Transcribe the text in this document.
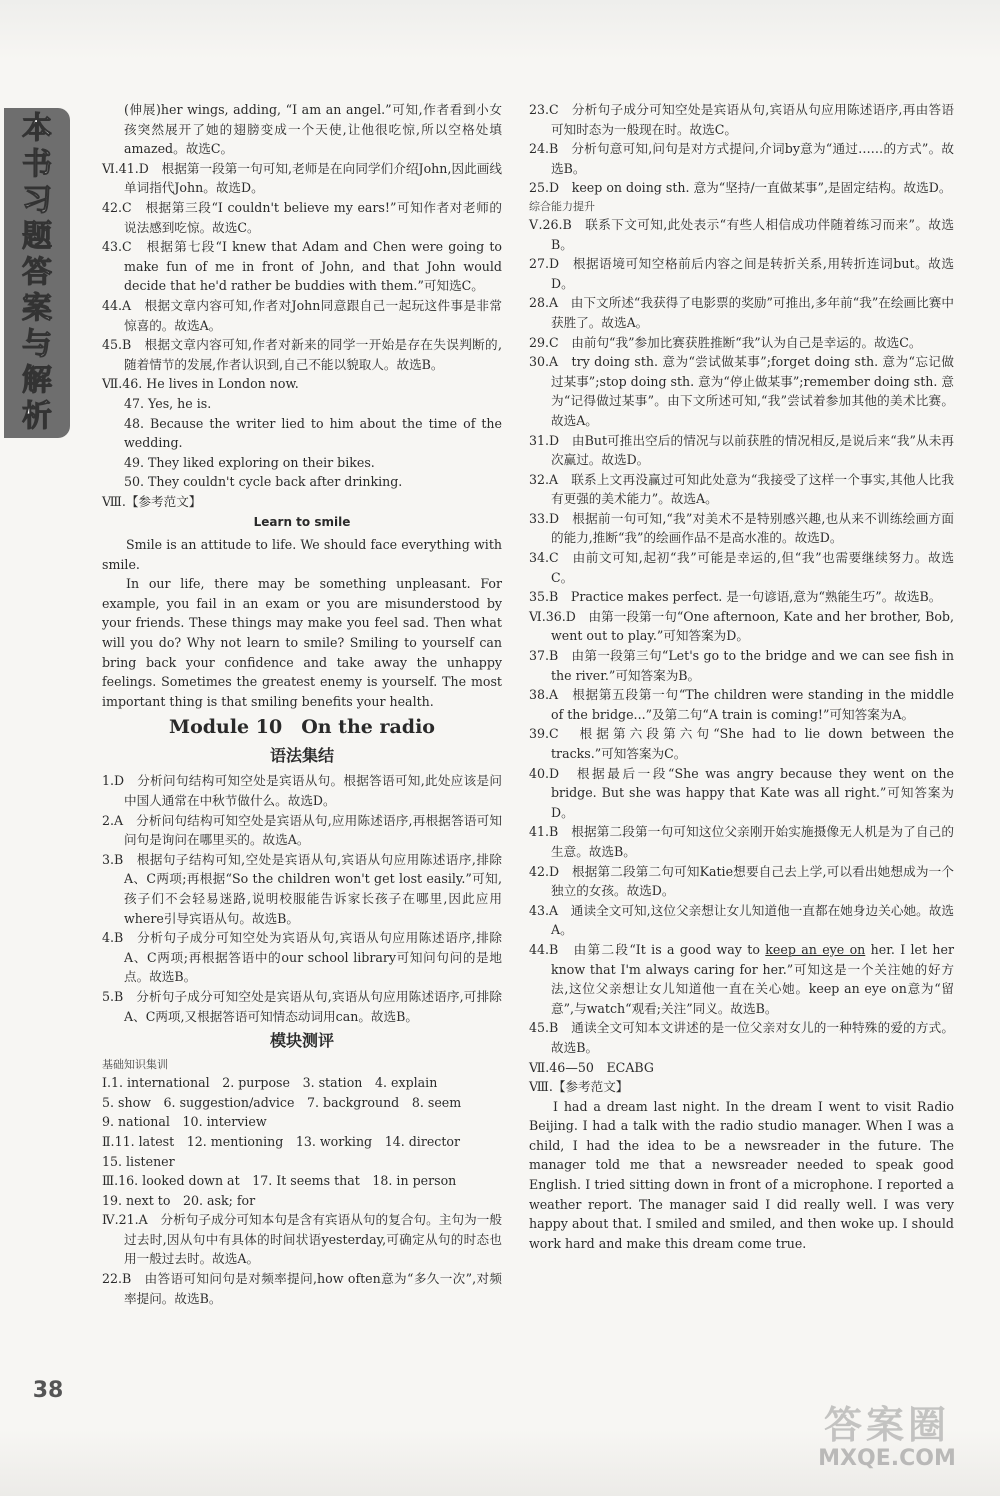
本
书
习
题
答
案
与
解
析
38

(伸展)her wings, adding, “I am an angel.”可知,作者看到小女孩突然展开了她的翅膀变成一个天使,让他很吃惊,所以空格处填amazed。故选C。

Ⅵ.41.D　根据第一段第一句可知,老师是在向同学们介绍John,因此画线单词指代John。故选D。

42.C　根据第三段“I couldn't believe my ears!”可知作者对老师的说法感到吃惊。故选C。

43.C　根据第七段“I knew that Adam and Chen were going to make fun of me in front of John, and that John would decide that he'd rather be buddies with them.”可知选C。

44.A　根据文章内容可知,作者对John同意跟自己一起玩这件事是非常惊喜的。故选A。

45.B　根据文章内容可知,作者对新来的同学一开始是存在失误判断的,随着情节的发展,作者认识到,自己不能以貌取人。故选B。

Ⅶ.46. He lives in London now.

47. Yes, he is.

48. Because the writer lied to him about the time of the wedding.

49. They liked exploring on their bikes.

50. They couldn't cycle back after drinking.

Ⅷ.【参考范文】

Learn to smile

Smile is an attitude to life. We should face everything with smile.

In our life, there may be something unpleasant. For example, you fail in an exam or you are misunderstood by your friends. These things may make you feel sad. Then what will you do? Why not learn to smile? Smiling to yourself can bring back your confidence and take away the unhappy feelings. Sometimes the greatest enemy is yourself. The most important thing is that smiling benefits your health.

Module 10　On the radio

语法集结

1.D　分析问句结构可知空处是宾语从句。根据答语可知,此处应该是问中国人通常在中秋节做什么。故选D。

2.A　分析问句结构可知空处是宾语从句,应用陈述语序,再根据答语可知问句是询问在哪里买的。故选A。

3.B　根据句子结构可知,空处是宾语从句,宾语从句应用陈述语序,排除A、C两项;再根据“So the children won't get lost easily.”可知,孩子们不会轻易迷路,说明校服能告诉家长孩子在哪里,因此应用where引导宾语从句。故选B。

4.B　分析句子成分可知空处为宾语从句,宾语从句应用陈述语序,排除A、C两项;再根据答语中的our school library可知问句问的是地点。故选B。

5.B　分析句子成分可知空处是宾语从句,宾语从句应用陈述语序,可排除A、C两项,又根据答语可知情态动词用can。故选B。

模块测评

基础知识集训

Ⅰ.1. international　2. purpose　3. station　4. explain

5. show　6. suggestion/advice　7. background　8. seem

9. national　10. interview

Ⅱ.11. latest　12. mentioning　13. working　14. director

15. listener

Ⅲ.16. looked down at　17. It seems that　18. in person

19. next to　20. ask; for

Ⅳ.21.A　分析句子成分可知本句是含有宾语从句的复合句。主句为一般过去时,因从句中有具体的时间状语yesterday,可确定从句的时态也用一般过去时。故选A。

22.B　由答语可知问句是对频率提问,how often意为“多久一次”,对频率提问。故选B。

23.C　分析句子成分可知空处是宾语从句,宾语从句应用陈述语序,再由答语可知时态为一般现在时。故选C。

24.B　分析句意可知,问句是对方式提问,介词by意为“通过……的方式”。故选B。

25.D　keep on doing sth. 意为“坚持/一直做某事”,是固定结构。故选D。

综合能力提升

Ⅴ.26.B　联系下文可知,此处表示“有些人相信成功伴随着练习而来”。故选B。

27.D　根据语境可知空格前后内容之间是转折关系,用转折连词but。故选D。

28.A　由下文所述“我获得了电影票的奖励”可推出,多年前“我”在绘画比赛中获胜了。故选A。

29.C　由前句“我”参加比赛获胜推断“我”认为自己是幸运的。故选C。

30.A　try doing sth. 意为“尝试做某事”;forget doing sth. 意为“忘记做过某事”;stop doing sth. 意为“停止做某事”;remember doing sth. 意为“记得做过某事”。由下文所述可知,“我”尝试着参加其他的美术比赛。故选A。

31.D　由But可推出空后的情况与以前获胜的情况相反,是说后来“我”从未再次赢过。故选D。

32.A　联系上文再没赢过可知此处意为“我接受了这样一个事实,其他人比我有更强的美术能力”。故选A。

33.D　根据前一句可知,“我”对美术不是特别感兴趣,也从来不训练绘画方面的能力,推断“我”的绘画作品不是高水准的。故选D。

34.C　由前文可知,起初“我”可能是幸运的,但“我”也需要继续努力。故选C。

35.B　Practice makes perfect. 是一句谚语,意为“熟能生巧”。故选B。

Ⅵ.36.D　由第一段第一句“One afternoon, Kate and her brother, Bob, went out to play.”可知答案为D。

37.B　由第一段第三句“Let's go to the bridge and we can see fish in the river.”可知答案为B。

38.A　根据第五段第一句“The children were standing in the middle of the bridge...”及第二句“A train is coming!”可知答案为A。

39.C　根据第六段第六句“She had to lie down between the tracks.”可知答案为C。

40.D　根据最后一段“She was angry because they went on the bridge. But she was happy that Kate was all right.”可知答案为D。

41.B　根据第二段第一句可知这位父亲刚开始实施摄像无人机是为了自己的生意。故选B。

42.D　根据第二段第二句可知Katie想要自己去上学,可以看出她想成为一个独立的女孩。故选D。

43.A　通读全文可知,这位父亲想让女儿知道他一直都在她身边关心她。故选A。

44.B　由第二段“It is a good way to keep an eye on her. I let her know that I'm always caring for her.”可知这是一个关注她的好方法,这位父亲想让女儿知道他一直在关心她。keep an eye on意为“留意”,与watch“观看;关注”同义。故选B。

45.B　通读全文可知本文讲述的是一位父亲对女儿的一种特殊的爱的方式。故选B。

Ⅶ.46—50　ECABG

Ⅷ.【参考范文】

I had a dream last night. In the dream I went to visit Radio Beijing. I had a talk with the radio studio manager. When I was a child, I had the idea to be a newsreader in the future. The manager told me that a newsreader needed to speak good English. I tried sitting down in front of a microphone. I reported a weather report. The manager said I did really well. I was very happy about that. I smiled and smiled, and then woke up. I should work hard and make this dream come true.

答案圈
MXQE.COM
